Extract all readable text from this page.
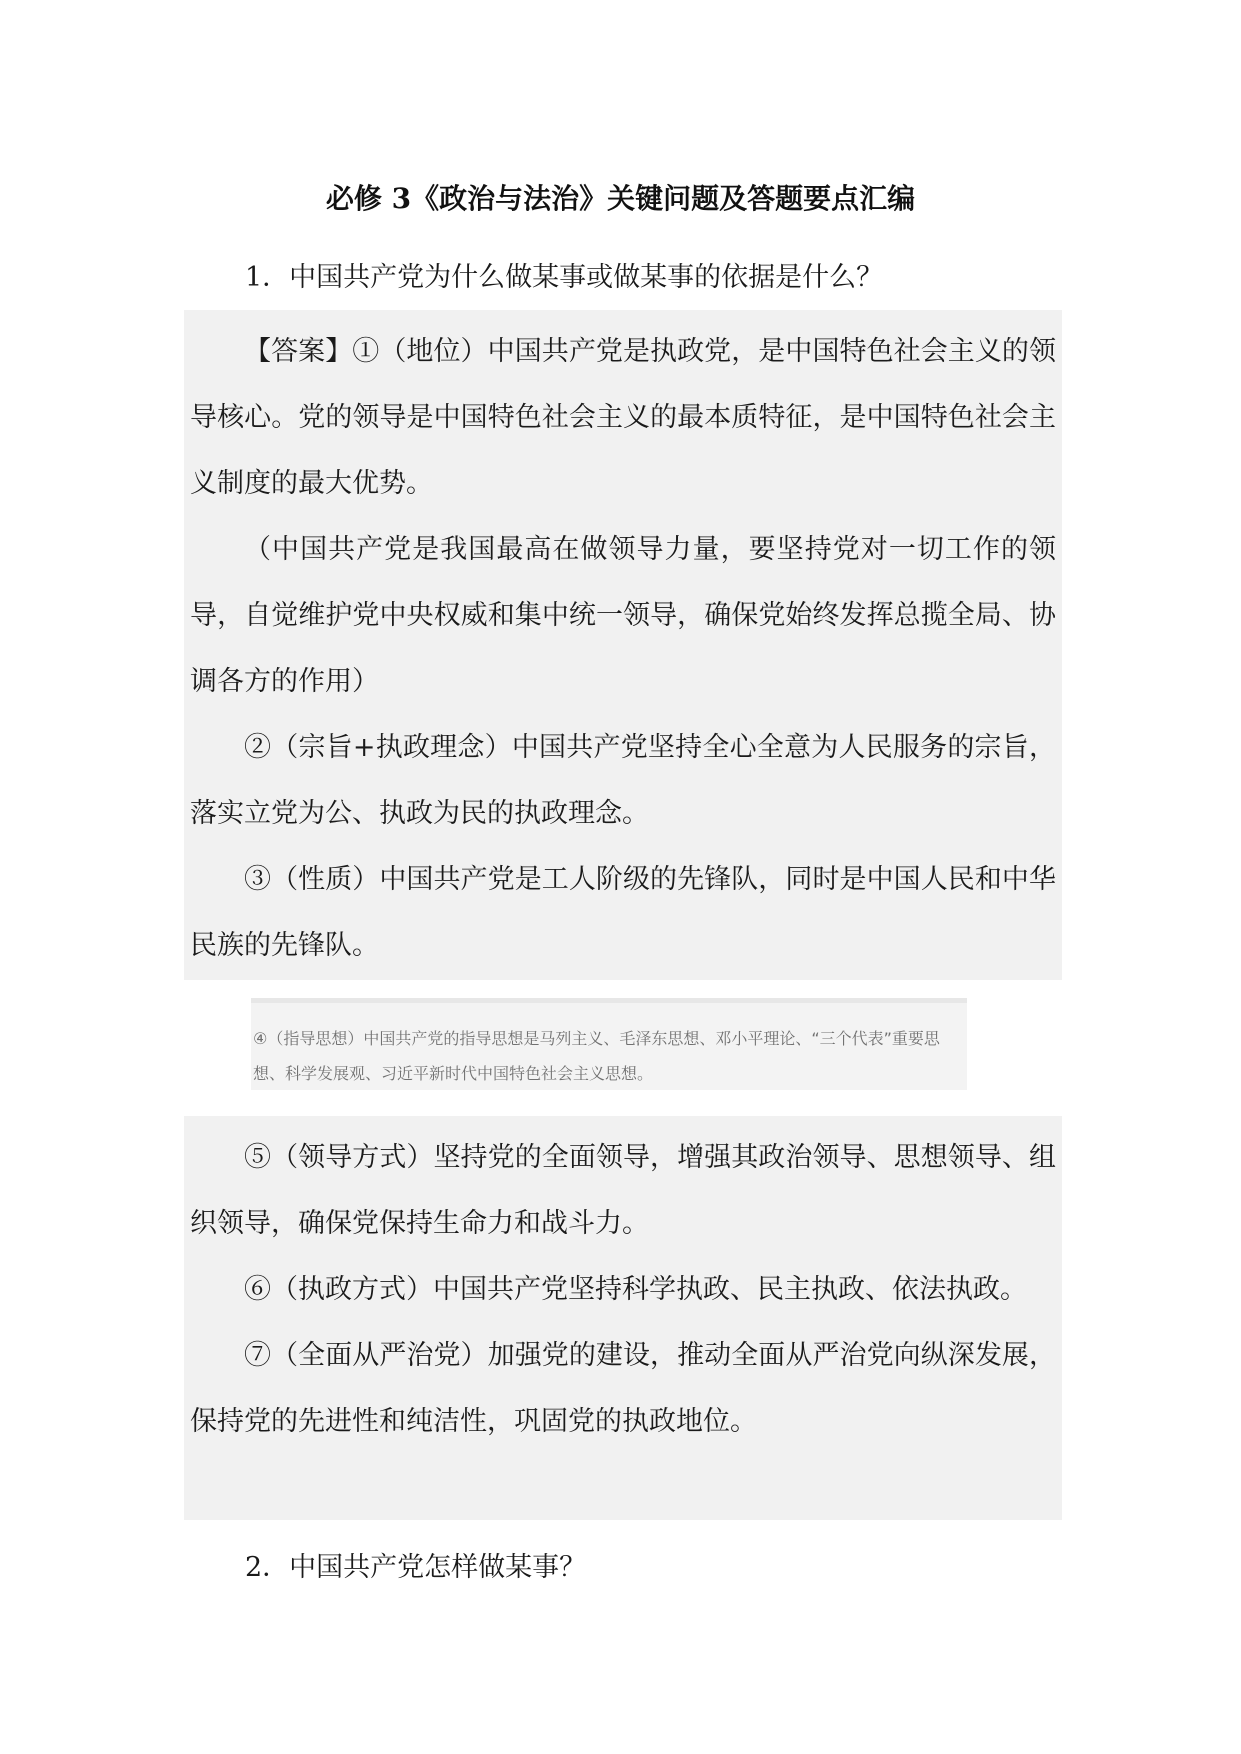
必修 3《政治与法治》关键问题及答题要点汇编
1．中国共产党为什么做某事或做某事的依据是什么？

【答案】①（地位）中国共产党是执政党，是中国特色社会主义的领导核心。党的领导是中国特色社会主义的最本质特征，是中国特色社会主义制度的最大优势。

（中国共产党是我国最高在做领导力量，要坚持党对一切工作的领导，自觉维护党中央权威和集中统一领导，确保党始终发挥总揽全局、协调各方的作用）

②（宗旨+执政理念）中国共产党坚持全心全意为人民服务的宗旨，落实立党为公、执政为民的执政理念。

③（性质）中国共产党是工人阶级的先锋队，同时是中国人民和中华民族的先锋队。

④（指导思想）中国共产党的指导思想是马列主义、毛泽东思想、邓小平理论、“三个代表”重要思想、科学发展观、习近平新时代中国特色社会主义思想。

⑤（领导方式）坚持党的全面领导，增强其政治领导、思想领导、组织领导，确保党保持生命力和战斗力。

⑥（执政方式）中国共产党坚持科学执政、民主执政、依法执政。

⑦（全面从严治党）加强党的建设，推动全面从严治党向纵深发展，保持党的先进性和纯洁性，巩固党的执政地位。

2．中国共产党怎样做某事？
